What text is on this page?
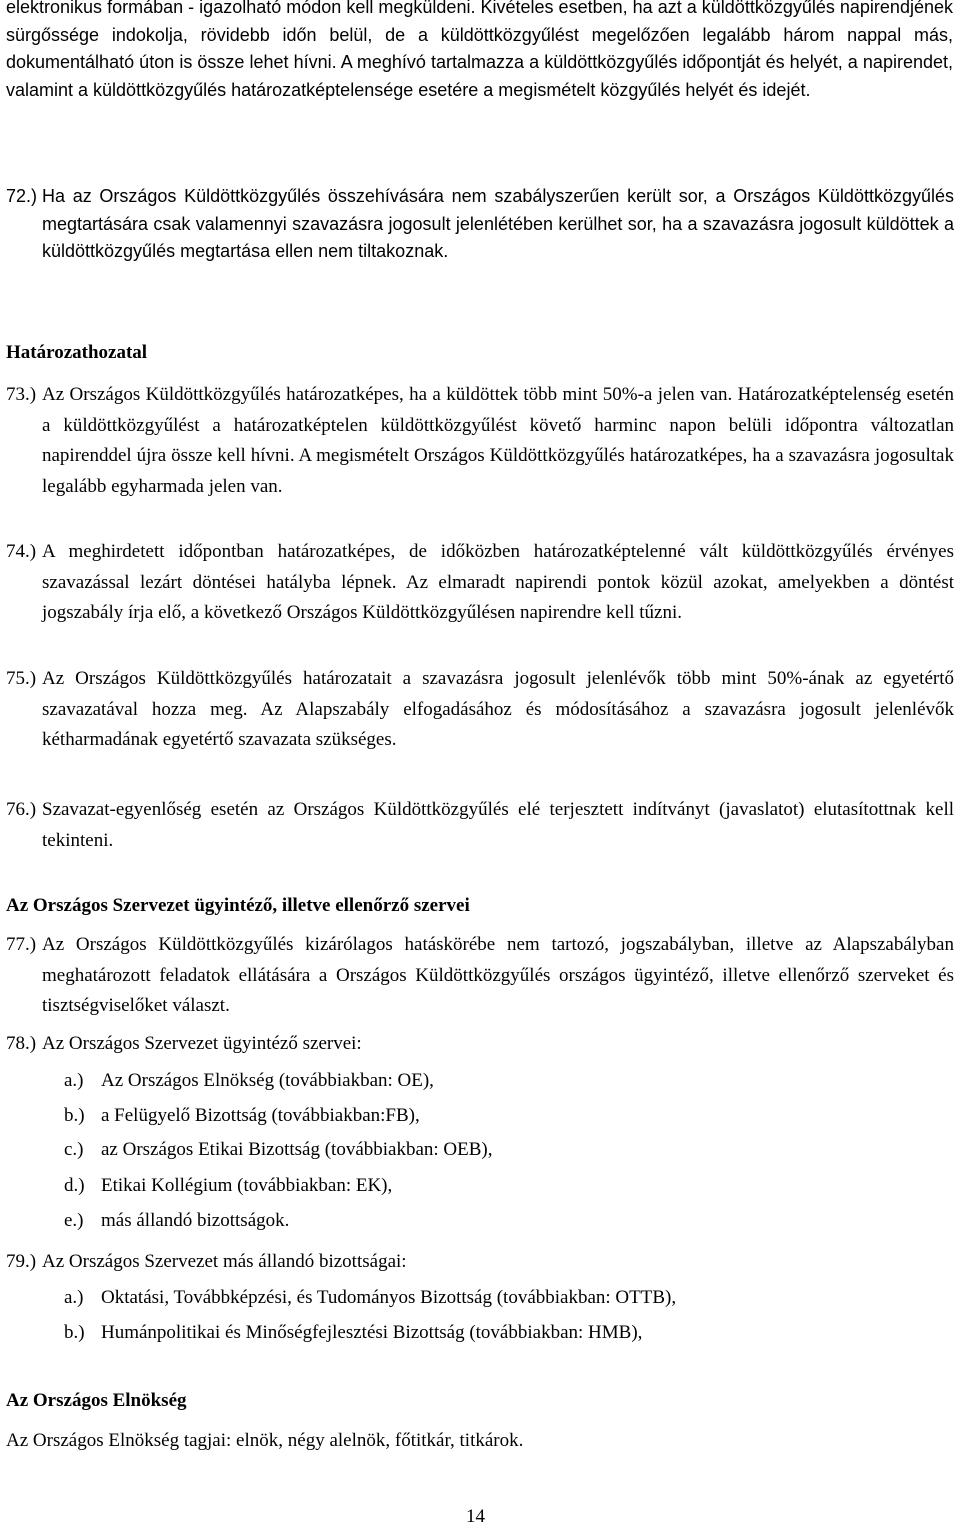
elektronikus formában - igazolható módon kell megküldeni. Kivételes esetben, ha azt a küldöttközgyűlés napirendjének sürgőssége indokolja, rövidebb időn belül, de a küldöttközgyűlést megelőzően legalább három nappal más, dokumentálható úton is össze lehet hívni. A meghívó tartalmazza a küldöttközgyűlés időpontját és helyét, a napirendet, valamint a küldöttközgyűlés határozatképtelensége esetére a megismételt közgyűlés helyét és idejét.
72.) Ha az Országos Küldöttközgyűlés összehívására nem szabályszerűen került sor, a Országos Küldöttközgyűlés megtartására csak valamennyi szavazásra jogosult jelenlétében kerülhet sor, ha a szavazásra jogosult küldöttek a küldöttközgyűlés megtartása ellen nem tiltakoznak.
Határozathozatal
73.) Az Országos Küldöttközgyűlés határozatképes, ha a küldöttek több mint 50%-a jelen van. Határozatképtelenség esetén a küldöttközgyűlést a határozatképtelen küldöttközgyűlést követő harminc napon belüli időpontra változatlan napirenddel újra össze kell hívni. A megismételt Országos Küldöttközgyűlés határozatképes, ha a szavazásra jogosultak legalább egyharmada jelen van.
74.) A meghirdetett időpontban határozatképes, de időközben határozatképtelenné vált küldöttközgyűlés érvényes szavazással lezárt döntései hatályba lépnek. Az elmaradt napirendi pontok közül azokat, amelyekben a döntést jogszabály írja elő, a következő Országos Küldöttközgyűlésen napirendre kell tűzni.
75.) Az Országos Küldöttközgyűlés határozatait a szavazásra jogosult jelenlévők több mint 50%-ának az egyetértő szavazatával hozza meg. Az Alapszabály elfogadásához és módosításához a szavazásra jogosult jelenlévők kétharmadának egyetértő szavazata szükséges.
76.) Szavazat-egyenlőség esetén az Országos Küldöttközgyűlés elé terjesztett indítványt (javaslatot) elutasítottnak kell tekinteni.
Az Országos Szervezet ügyintéző, illetve ellenőrző szervei
77.) Az Országos Küldöttközgyűlés kizárólagos hatáskörébe nem tartozó, jogszabályban, illetve az Alapszabályban meghatározott feladatok ellátására a Országos Küldöttközgyűlés országos ügyintéző, illetve ellenőrző szerveket és tisztségviselőket választ.
78.) Az Országos Szervezet ügyintéző szervei:
a.) Az Országos Elnökség (továbbiakban: OE),
b.) a Felügyelő Bizottság (továbbiakban:FB),
c.) az Országos Etikai Bizottság (továbbiakban: OEB),
d.) Etikai Kollégium (továbbiakban: EK),
e.) más állandó bizottságok.
79.) Az Országos Szervezet más állandó bizottságai:
a.) Oktatási, Továbbképzési, és Tudományos Bizottság (továbbiakban: OTTB),
b.) Humánpolitikai és Minőségfejlesztési Bizottság (továbbiakban: HMB),
Az Országos Elnökség
Az Országos Elnökség tagjai: elnök, négy alelnök, főtitkár, titkárok.
14
